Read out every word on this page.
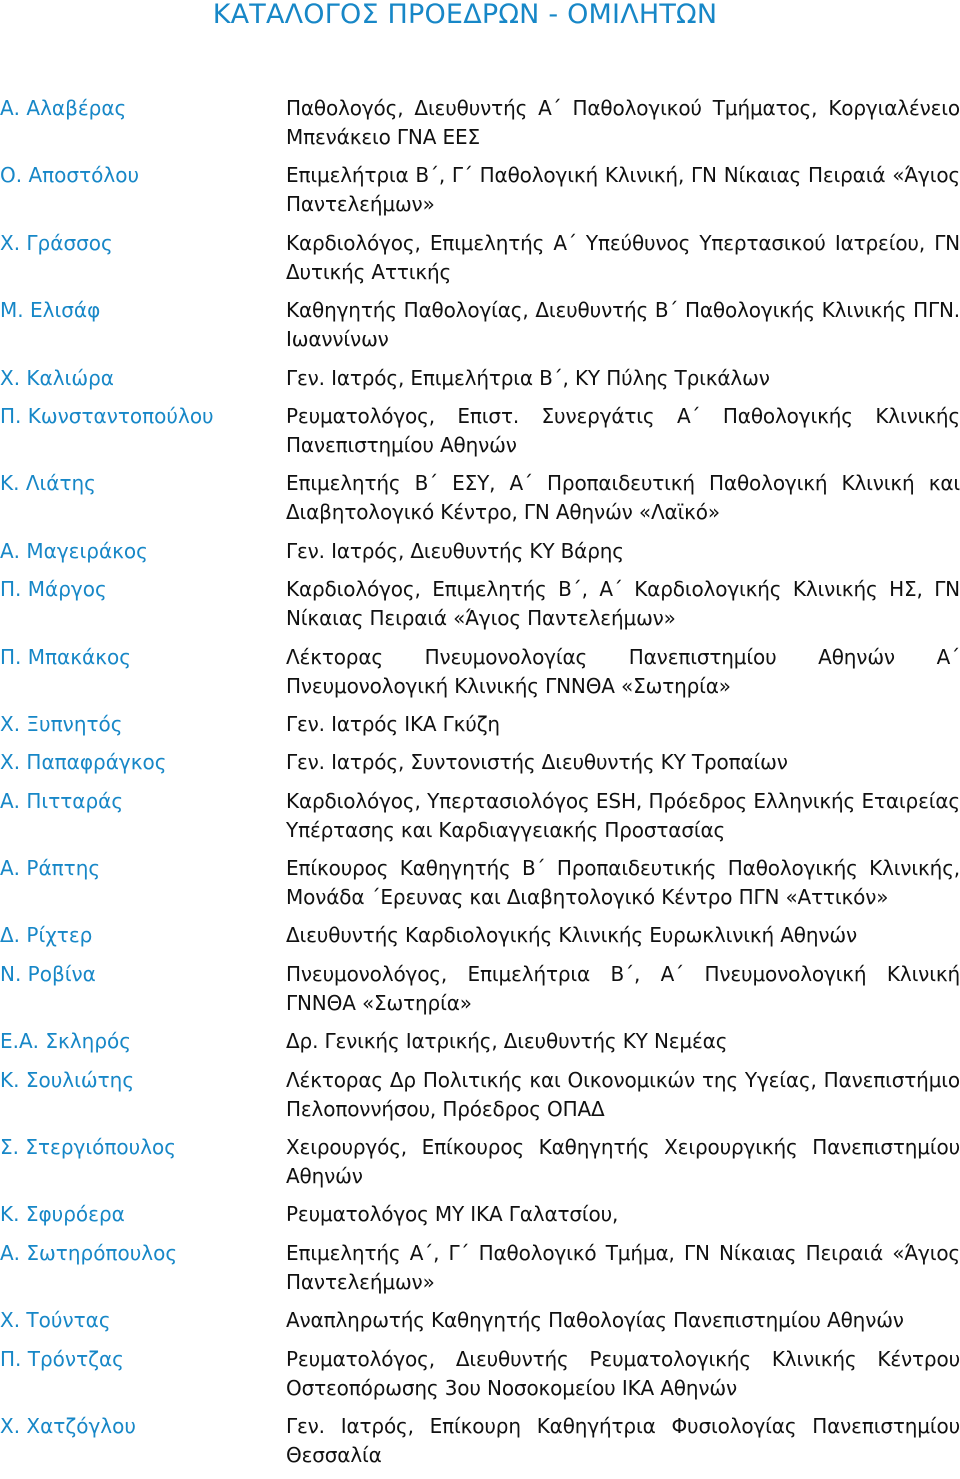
ΚΑΤΑΛΟΓΟΣ ΠΡΟΕΔΡΩΝ - ΟΜΙΛΗΤΩΝ
Α. Αλαβέρας	Παθολογός, Διευθυντής Α΄ Παθολογικού Τμήματος, Κοργιαλένειο Μπενάκειο ΓΝΑ ΕΕΣ
Ο. Αποστόλου	Επιμελήτρια Β΄, Γ΄ Παθολογική Κλινική, ΓΝ Νίκαιας Πειραιά «Άγιος Παντελεήμων»
Χ. Γράσσος	Καρδιολόγος, Επιμελητής Α΄ Υπεύθυνος Υπερτασικού Ιατρείου, ΓΝ Δυτικής Αττικής
Μ. Ελισάφ	Καθηγητής Παθολογίας, Διευθυντής Β΄ Παθολογικής Κλινικής ΠΓΝ. Ιωαννίνων
Χ. Καλιώρα	Γεν. Ιατρός, Επιμελήτρια Β΄, ΚΥ Πύλης Τρικάλων
Π. Κωνσταντοπούλου	Ρευματολόγος, Επιστ. Συνεργάτις Α΄ Παθολογικής Κλινικής Πανεπιστημίου Αθηνών
Κ. Λιάτης	Επιμελητής Β΄ ΕΣΥ, Α΄ Προπαιδευτική Παθολογική Κλινική και Διαβητολογικό Κέντρο, ΓΝ Αθηνών «Λαϊκό»
Α. Μαγειράκος	Γεν. Ιατρός, Διευθυντής ΚΥ Βάρης
Π. Μάργος	Καρδιολόγος, Επιμελητής Β΄, Α΄ Καρδιολογικής Κλινικής ΗΣ, ΓΝ Νίκαιας Πειραιά «Άγιος Παντελεήμων»
Π. Μπακάκος	Λέκτορας Πνευμονολογίας Πανεπιστημίου Αθηνών Α΄ Πνευμονολογική Κλινικής ΓΝΝΘΑ «Σωτηρία»
Χ. Ξυπνητός	Γεν. Ιατρός ΙΚΑ Γκύζη
Χ. Παπαφράγκος	Γεν. Ιατρός, Συντονιστής Διευθυντής ΚΥ Τροπαίων
Α. Πιτταράς	Καρδιολόγος, Υπερτασιολόγος ESH, Πρόεδρος Ελληνικής Εταιρείας Υπέρτασης και Καρδιαγγειακής Προστασίας
Α. Ράπτης	Επίκουρος Καθηγητής Β΄ Προπαιδευτικής Παθολογικής Κλινικής, Μονάδα ΄Ερευνας και Διαβητολογικό Κέντρο ΠΓΝ «Αττικόν»
Δ. Ρίχτερ	Διευθυντής Καρδιολογικής Κλινικής Ευρωκλινική Αθηνών
Ν. Ροβίνα	Πνευμονολόγος, Επιμελήτρια Β΄, Α΄ Πνευμονολογική Κλινική ΓΝΝΘΑ «Σωτηρία»
Ε.Α. Σκληρός	Δρ. Γενικής Ιατρικής, Διευθυντής ΚΥ Νεμέας
Κ. Σουλιώτης	Λέκτορας Δρ Πολιτικής και Οικονομικών της Υγείας, Πανεπιστήμιο Πελοποννήσου, Πρόεδρος ΟΠΑΔ
Σ. Στεργιόπουλος	Χειρουργός, Επίκουρος Καθηγητής Χειρουργικής Πανεπιστημίου Αθηνών
Κ. Σφυρόερα	Ρευματολόγος ΜΥ ΙΚΑ Γαλατσίου,
Α. Σωτηρόπουλος	Επιμελητής Α΄, Γ΄ Παθολογικό Τμήμα, ΓΝ Νίκαιας Πειραιά «Άγιος Παντελεήμων»
Χ. Τούντας	Αναπληρωτής Καθηγητής Παθολογίας Πανεπιστημίου Αθηνών
Π. Τρόντζας	Ρευματολόγος, Διευθυντής Ρευματολογικής Κλινικής Κέντρου Οστεοπόρωσης 3ου Νοσοκομείου ΙΚΑ Αθηνών
Χ. Χατζόγλου	Γεν. Ιατρός, Επίκουρη Καθηγήτρια Φυσιολογίας Πανεπιστημίου Θεσσαλία
